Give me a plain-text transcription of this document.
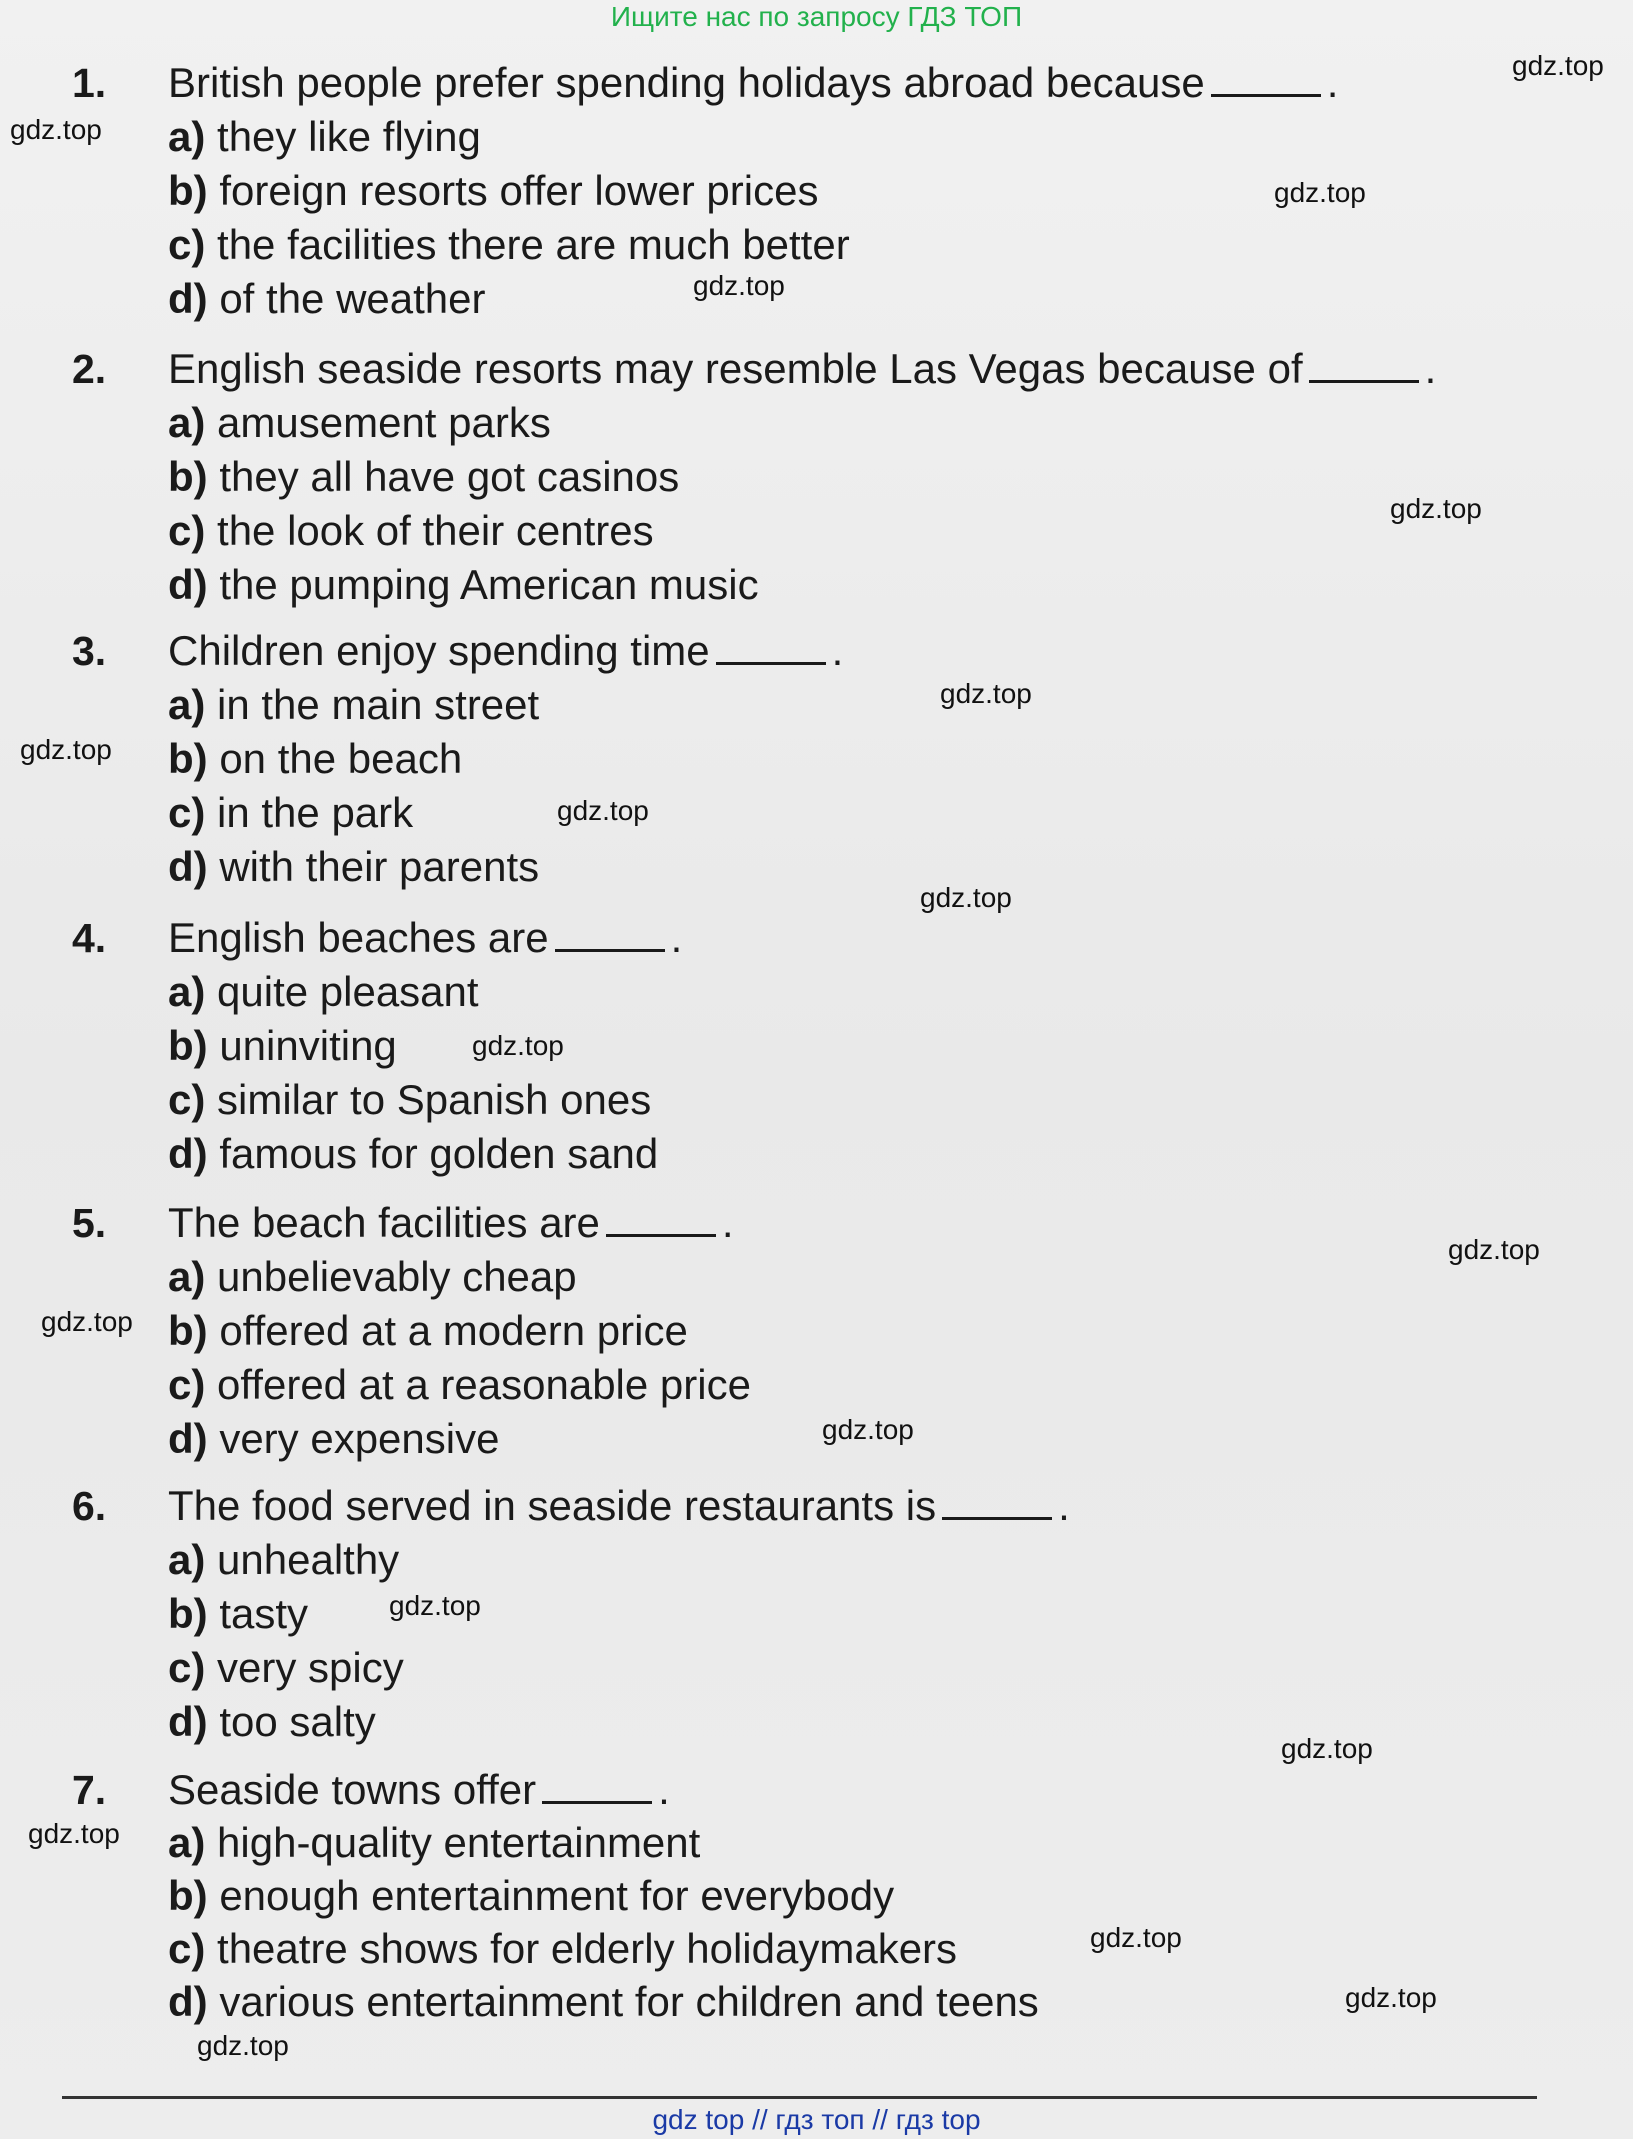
Ищите нас по запросу ГДЗ ТОП
1. British people prefer spending holidays abroad because	.
a) they like flying
b) foreign resorts offer lower prices
c) the facilities there are much better
d) of the weather
2. English seaside resorts may resemble Las Vegas because of	.
a) amusement parks
b) they all have got casinos
c) the look of their centres
d) the pumping American music
3. Children enjoy spending time	.
a) in the main street
b) on the beach
c) in the park
d) with their parents
4. English beaches are	.
a) quite pleasant
b) uninviting
c) similar to Spanish ones
d) famous for golden sand
5. The beach facilities are	.
a) unbelievably cheap
b) offered at a modern price
c) offered at a reasonable price
d) very expensive
6. The food served in seaside restaurants is	.
a) unhealthy
b) tasty
c) very spicy
d) too salty
7. Seaside towns offer	.
a) high-quality entertainment
b) enough entertainment for everybody
c) theatre shows for elderly holidaymakers
d) various entertainment for children and teens
gdz.top
gdz.top
gdz.top
gdz.top
gdz.top
gdz.top
gdz.top
gdz.top
gdz.top
gdz.top
gdz.top
gdz.top
gdz.top
gdz.top
gdz.top
gdz.top
gdz.top
gdz.top
gdz.top
gdz top // гдз топ // гдз top
